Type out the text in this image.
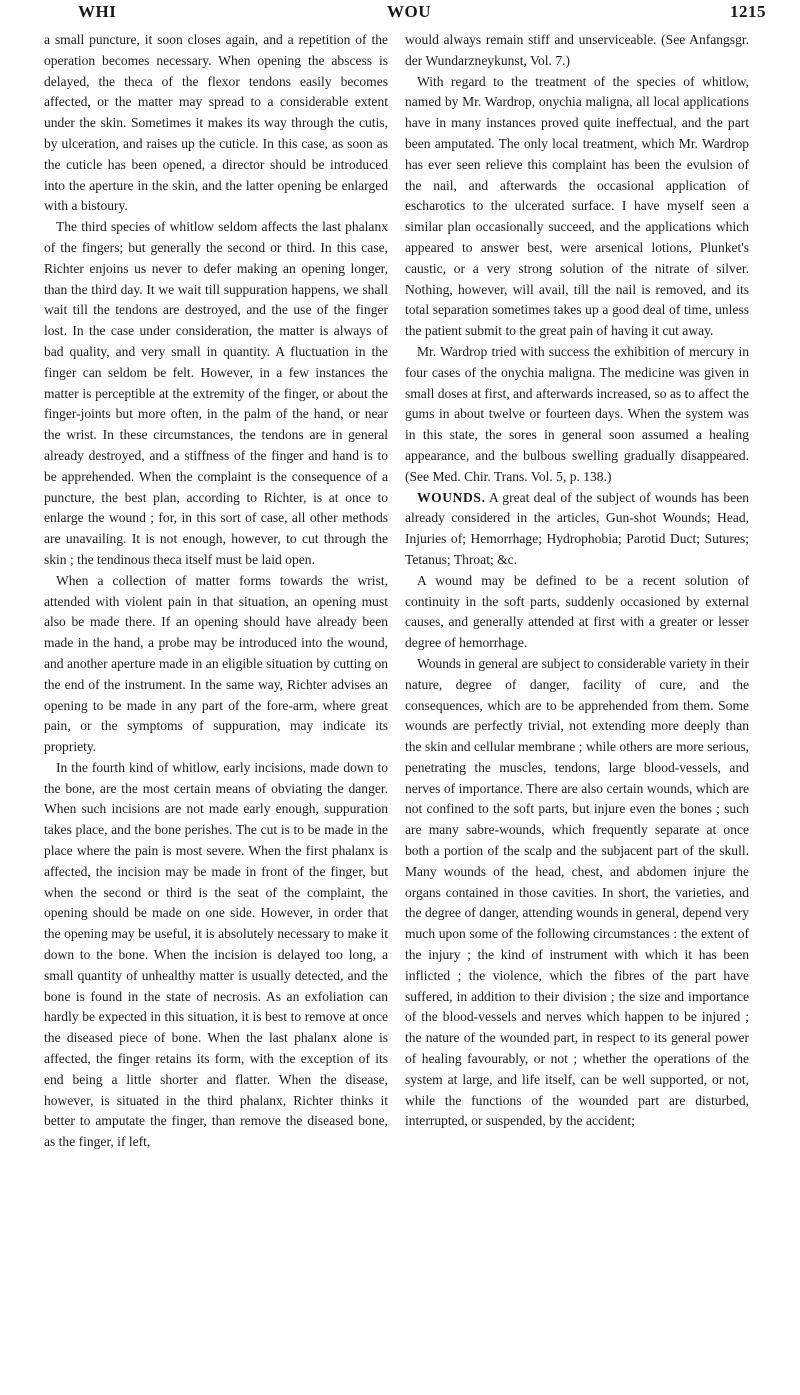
WHI	WOU	1215

a small puncture, it soon closes again, and a repetition of the operation becomes necessary. When opening the abscess is delayed, the theca of the flexor tendons easily becomes affected, or the matter may spread to a considerable extent under the skin. Sometimes it makes its way through the cutis, by ulceration, and raises up the cuticle. In this case, as soon as the cuticle has been opened, a director should be introduced into the aperture in the skin, and the latter opening be enlarged with a bistoury.

The third species of whitlow seldom affects the last phalanx of the fingers; but generally the second or third. In this case, Richter enjoins us never to defer making an opening longer, than the third day. It we wait till suppuration happens, we shall wait till the tendons are destroyed, and the use of the finger lost. In the case under consideration, the matter is always of bad quality, and very small in quantity. A fluctuation in the finger can seldom be felt. However, in a few instances the matter is perceptible at the extremity of the finger, or about the finger-joints but more often, in the palm of the hand, or near the wrist. In these circumstances, the tendons are in general already destroyed, and a stiffness of the finger and hand is to be apprehended. When the complaint is the consequence of a puncture, the best plan, according to Richter, is at once to enlarge the wound ; for, in this sort of case, all other methods are unavailing. It is not enough, however, to cut through the skin ; the tendinous theca itself must be laid open.

When a collection of matter forms towards the wrist, attended with violent pain in that situation, an opening must also be made there. If an opening should have already been made in the hand, a probe may be introduced into the wound, and another aperture made in an eligible situation by cutting on the end of the instrument. In the same way, Richter advises an opening to be made in any part of the fore-arm, where great pain, or the symptoms of suppuration, may indicate its propriety.

In the fourth kind of whitlow, early incisions, made down to the bone, are the most certain means of obviating the danger. When such incisions are not made early enough, suppuration takes place, and the bone perishes. The cut is to be made in the place where the pain is most severe. When the first phalanx is affected, the incision may be made in front of the finger, but when the second or third is the seat of the complaint, the opening should be made on one side. However, in order that the opening may be useful, it is absolutely necessary to make it down to the bone. When the incision is delayed too long, a small quantity of unhealthy matter is usually detected, and the bone is found in the state of necrosis. As an exfoliation can hardly be expected in this situation, it is best to remove at once the diseased piece of bone. When the last phalanx alone is affected, the finger retains its form, with the exception of its end being a little shorter and flatter. When the disease, however, is situated in the third phalanx, Richter thinks it better to amputate the finger, than remove the diseased bone, as the finger, if left,

would always remain stiff and unserviceable. (See Anfangsgr. der Wundarzneykunst, Vol. 7.)

With regard to the treatment of the species of whitlow, named by Mr. Wardrop, onychia maligna, all local applications have in many instances proved quite ineffectual, and the part been amputated. The only local treatment, which Mr. Wardrop has ever seen relieve this complaint has been the evulsion of the nail, and afterwards the occasional application of escharotics to the ulcerated surface. I have myself seen a similar plan occasionally succeed, and the applications which appeared to answer best, were arsenical lotions, Plunket's caustic, or a very strong solution of the nitrate of silver. Nothing, however, will avail, till the nail is removed, and its total separation sometimes takes up a good deal of time, unless the patient submit to the great pain of having it cut away.

Mr. Wardrop tried with success the exhibition of mercury in four cases of the onychia maligna. The medicine was given in small doses at first, and afterwards increased, so as to affect the gums in about twelve or fourteen days. When the system was in this state, the sores in general soon assumed a healing appearance, and the bulbous swelling gradually disappeared. (See Med. Chir. Trans. Vol. 5, p. 138.)

WOUNDS. A great deal of the subject of wounds has been already considered in the articles, Gun-shot Wounds; Head, Injuries of; Hemorrhage; Hydrophobia; Parotid Duct; Sutures; Tetanus; Throat; &c.

A wound may be defined to be a recent solution of continuity in the soft parts, suddenly occasioned by external causes, and generally attended at first with a greater or lesser degree of hemorrhage.

Wounds in general are subject to considerable variety in their nature, degree of danger, facility of cure, and the consequences, which are to be apprehended from them. Some wounds are perfectly trivial, not extending more deeply than the skin and cellular membrane ; while others are more serious, penetrating the muscles, tendons, large blood-vessels, and nerves of importance. There are also certain wounds, which are not confined to the soft parts, but injure even the bones ; such are many sabre-wounds, which frequently separate at once both a portion of the scalp and the subjacent part of the skull. Many wounds of the head, chest, and abdomen injure the organs contained in those cavities. In short, the varieties, and the degree of danger, attending wounds in general, depend very much upon some of the following circumstances : the extent of the injury ; the kind of instrument with which it has been inflicted ; the violence, which the fibres of the part have suffered, in addition to their division ; the size and importance of the blood-vessels and nerves which happen to be injured ; the nature of the wounded part, in respect to its general power of healing favourably, or not ; whether the operations of the system at large, and life itself, can be well supported, or not, while the functions of the wounded part are disturbed, interrupted, or suspended, by the accident;
